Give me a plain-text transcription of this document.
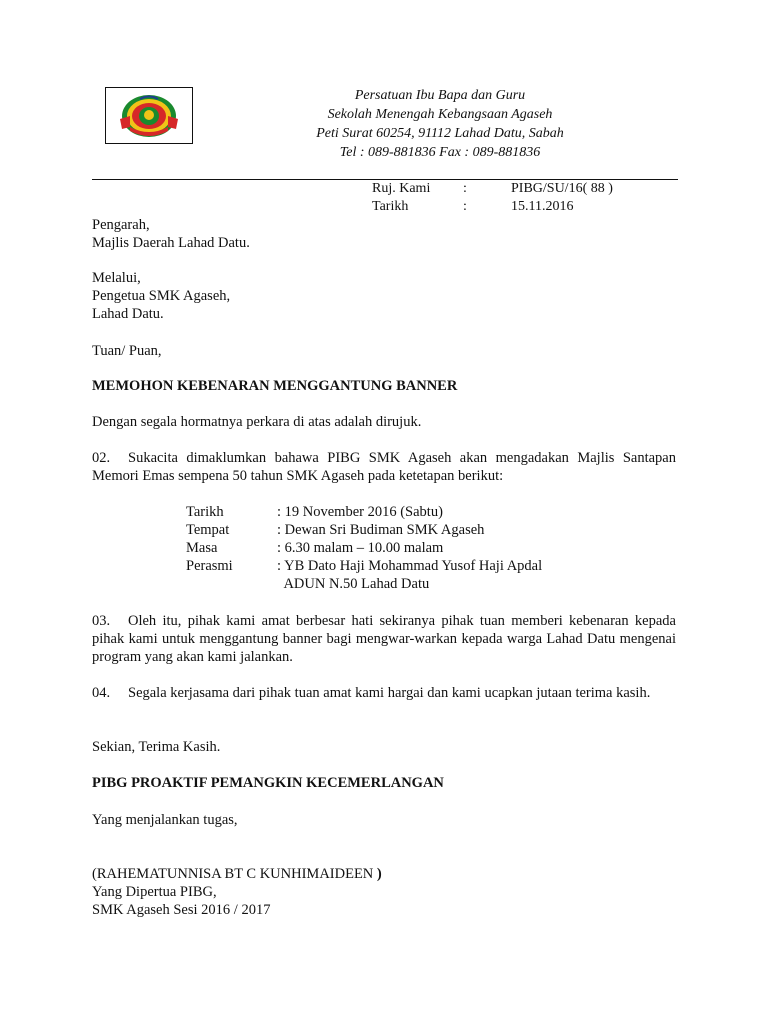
Persatuan Ibu Bapa dan Guru
Sekolah Menengah Kebangsaan Agaseh
Peti Surat 60254, 91112 Lahad Datu, Sabah
Tel : 089-881836 Fax : 089-881836
Ruj. Kami :	PIBG/SU/16( 88 )
Tarikh	:	15.11.2016

Pengarah,

Majlis Daerah Lahad Datu.

Melalui,

Pengetua SMK Agaseh,

Lahad Datu.

Tuan/ Puan,
MEMOHON KEBENARAN MENGGANTUNG BANNER
Dengan segala hormatnya perkara di atas adalah dirujuk.
02. Sukacita dimaklumkan bahawa PIBG SMK Agaseh akan mengadakan Majlis Santapan Memori Emas sempena 50 tahun SMK Agaseh pada ketetapan berikut:
Tarikh	: 19 November 2016 (Sabtu)
Tempat	: Dewan Sri Budiman SMK Agaseh
Masa	: 6.30 malam – 10.00 malam
Perasmi	: YB Dato Haji Mohammad Yusof Haji Apdal
ADUN N.50 Lahad Datu
03. Oleh itu, pihak kami amat berbesar hati sekiranya pihak tuan memberi kebenaran kepada pihak kami untuk menggantung banner bagi mengwar-warkan kepada warga Lahad Datu mengenai program yang akan kami jalankan.
04. Segala kerjasama dari pihak tuan amat kami hargai dan kami ucapkan jutaan terima kasih.
Sekian, Terima Kasih.
PIBG PROAKTIF PEMANGKIN KECEMERLANGAN
Yang menjalankan tugas,

(RAHEMATUNNISA BT C KUNHIMAIDEEN )

Yang Dipertua PIBG,

SMK Agaseh Sesi 2016 / 2017
